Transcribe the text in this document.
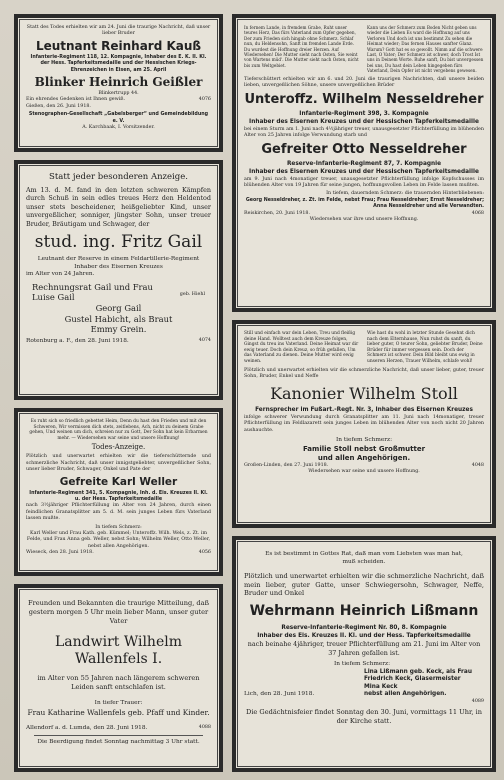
Statt des Todes erhielten wir am 24. Juni die traurige Nachricht, daß unser lieber Bruder
Leutnant Reinhard Kauß
Infanterie-Regiment 118, 12. Kompagnie, Inhaber des E. K. II. Kl. der Hess. Tapferkeitsmedaille und der Hessischen Kriegs-Ehrenzeichen in Eisen, am 25. April
Blinker Heinrich Geißler
Blinkertrupp 44.
Ein ehrendes Gedenken ist Ihnen gewiß.	4076
Gießen, den 26. Juni 1918.
Stenographen-Gesellschaft „Gabelsberger“ und Gemeindebildung e. V.
A. Karchbaak, I. Vorsitzender.
Statt jeder besonderen Anzeige.
Am 13. d. M. fand in den letzten schweren Kämpfen durch Schuß in sein edles treues Herz den Heldentod unser stets bescheidener, heißgeliebter Kind, unser unvergeßlicher, sonniger, jüngster Sohn, unser treuer Bruder, Bräutigam und Schwager, der
stud. ing. Fritz Gail
Leutnant der Reserve in einem Feldartillerie-Regiment Inhaber des Eisernen Kreuzes
im Alter von 24 Jahren.
Rechnungsrat Gail und Frau
Luise Gail	geb. Hiehl
Georg Gail
Gustel Habicht, als Braut
Emmy Grein.
Rotenburg a. F., den 28. Juni 1918.	4074
Es ruht sich so friedlich gebettet Heim, Denn du hast den Frieden und mit den Schweren, Wir vermissen dich stets, zeitlebens, Ach, nicht zu deinem Grabe gehen, Und weinen um dich, schreien nur zu Gott, Der Sohn hat kein Erbarmen mehr. — Wiedersehen war seine und unsere Hoffnung!
Todes-Anzeige.
Plötzlich und unerwartet erhielten wir die tieferschütternde und schmerzliche Nachricht, daß unser innigstgeliebter, unvergeßlicher Sohn, unser lieber Bruder, Schwager, Onkel und Pate der
Gefreite Karl Weller
Infanterie-Regiment 341, 5. Kompagnie, Inh. d. Eis. Kreuzes II. Kl. u. der Hess. Tapferkeitsmedaille
nach 3½jähriger Pflichterfüllung im Alter von 24 Jahren, durch einen feindlichen Granatsplitter am 5. d. M. sein junges Leben fürs Vaterland lassen mußte.
In tiefem Schmerz:
Karl Weller und Frau Kath. geb. Kümmel; Unteroffz. Wilh. Wels, z. Zt. im Felde, und Frau Anna geb. Weller, nebst Sohn; Wilhelm Weller, Otto Weller, nebst allen Angehörigen.
Wieseck, den 28. Juni 1918.	4056
Freunden und Bekannten die traurige Mitteilung, daß gestern morgen 5 Uhr mein lieber Mann, unser guter Vater
Landwirt Wilhelm Wallenfels I.
im Alter von 55 Jahren nach längerem schweren Leiden sanft entschlafen ist.
In tiefer Trauer:
Frau Katharine Wallenfels geb. Pfaff und Kinder.
Allendorf a. d. Lumda, den 28. Juni 1918.	4088
Die Beerdigung findet Sonntag nachmittag 3 Uhr statt.
In fernem Lande, in fremdem Grabe, Ruht unser teures Herz, Das fürs Vaterland zum Opfer gegeben, Der zum Frieden sich hingab ohne Schmerz. Schlaf nun, du Heldensohn, Sanft im fremden Lande Erde. Du wurdest die Hoffnung dreier Herzen. Auf Wiedersehen! Die Mutter sieht nach Osten, Sie weint von Wartens müd'. Die Mutter sieht nach Osten, nicht bis zum Weltgebiet.
Kann uns der Schmerz zum Boden Nicht geben uns wieder die Lieben Es ward die Hoffnung auf uns Verloren Und doch ist uns bestimmt Zu sehen die Heimat wieder; Das fernen Hauses sanfter Glanz. Warum? Gott hat es so gewollt. Nimm auf die schwere Last, O Vater; Der Schmerz ist schwer, doch Trost Ist uns in Deinem Worte. Ruhe sanft, Du bist unvergessen bei uns, Du hast dein Leben hingegeben fürs Vaterland, Dein Opfer ist nicht vergebens gewesen.
Tieferschüttert erhielten wir am 6. und 20. Juni die traurigen Nachrichten, daß unsere beiden lieben, unvergeßlichen Söhne, unsere unvergeßlichen Brüder
Unteroffz. Wilhelm Nesseldreher
Infanterie-Regiment 398, 3. Kompagnie
Inhaber des Eisernen Kreuzes und der Hessischen Tapferkeitsmedaille
bei einem Sturm am 1. Juni nach 4½jähriger treuer, unausgesetzter Pflichterfüllung im blühenden Alter von 25 Jahren infolge Verwundung starb und
Gefreiter Otto Nesseldreher
Reserve-Infanterie-Regiment 87, 7. Kompagnie
Inhaber des Eisernen Kreuzes und der Hessischen Tapferkeitsmedaille
am 9. Juni nach 4monatiger treuer, unausgesetzter Pflichterfüllung infolge Kopfschusses im blühenden Alter von 19 Jahren für seine jungen, hoffnungsvollen Leben im Felde lassen mußten.
In tiefem, dauerndem Schmerz: die trauernden Hinterbliebenen:
Georg Nesseldreher, z. Zt. im Felde, nebst Frau; Frau Nesseldreher; Ernst Nesseldreher; Anna Nesseldreher und alle Verwandten.
Reiskirchen, 20. Juni 1918.	4068
Wiedersehen war ihre und unsere Hoffnung.
Still und einfach war dein Leben, Treu und fleißig deine Hand. Wolltest auch dem Kreuze folgen, Gingst du treu ins Vaterland. Deine Heimat war dir ewig teuer. Doch dein Kreuz, so früh gefallen, Um das Vaterland zu dienen. Deine Mutter wird ewig weinen.
Wie hast du wohl in letzter Stunde Gesehnt dich nach dem Elternhause, Nun ruhst du sanft, du lieber guter, O teurer Sohn, geliebter Bruder, Deine Brüder für immer vergessen sein. Doch der Schmerz ist schwer. Dein Bild bleibt uns ewig in unseren Herzen, Trauer Wilhelm, schlafe wohl!
Plötzlich und unerwartet erhielten wir die schmerzliche Nachricht, daß unser lieber, guter, treuer Sohn, Bruder, Enkel und Neffe
Kanonier Wilhelm Stoll
Fernsprecher im Fußart.-Regt. Nr. 3, Inhaber des Eisernen Kreuzes
infolge schwerer Verwundung durch Granatsplitter am 11. Juni nach 14monatiger, treuer Pflichterfüllung im Feldlazarett sein junges Leben im blühenden Alter von noch nicht 20 Jahren aushauchte.
In tiefem Schmerz:
Familie Stoll nebst Großmutter
und allen Angehörigen.
Großen-Linden, den 27. Juni 1918.	4048
Wiedersehen war seine und unsere Hoffnung.
Es ist bestimmt in Gottes Rat, daß man vom Liebsten was man hat, muß scheiden.
Plötzlich und unerwartet erhielten wir die schmerzliche Nachricht, daß mein lieber, guter Gatte, unser Schwiegersohn, Schwager, Neffe, Bruder und Onkel
Wehrmann Heinrich Lißmann
Reserve-Infanterie-Regiment Nr. 80, 8. Kompagnie
Inhaber des Eis. Kreuzes II. Kl. und der Hess. Tapferkeitsmedaille
nach beinahe 4jähriger, treuer Pflichterfüllung am 21. Juni im Alter von 37 Jahren gefallen ist.
In tiefem Schmerz:
Lich, den 28. Juni 1918.
Lina Lißmann geb. Keck, als Frau
Friedrich Keck, Glasermeister
Mina Keck
nebst allen Angehörigen.
4089
Die Gedächtnisfeier findet Sonntag den 30. Juni, vormittags 11 Uhr, in der Kirche statt.
